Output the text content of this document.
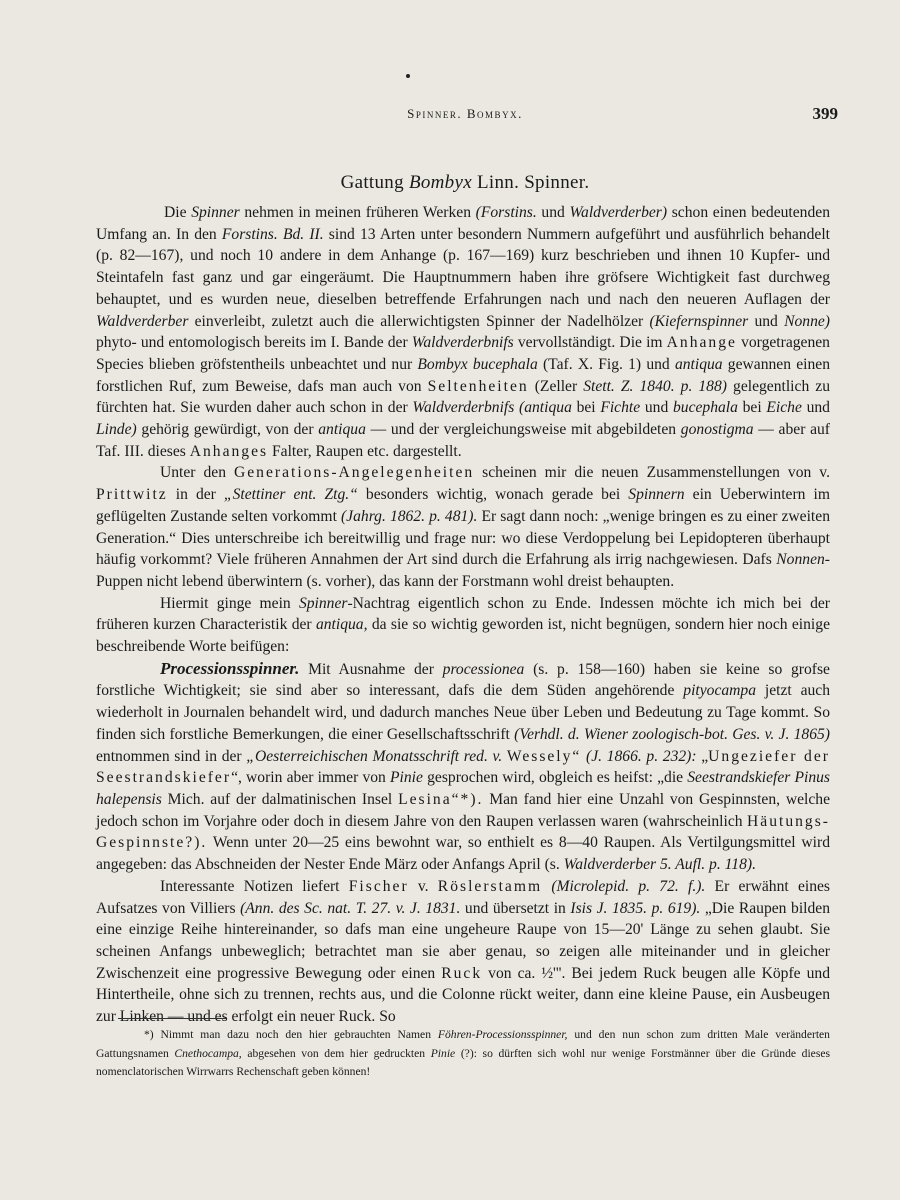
Spinner. Bombyx.	399
Gattung Bombyx Linn. Spinner.

Die Spinner nehmen in meinen früheren Werken (Forstins. und Waldverderber) schon einen bedeutenden Umfang an. In den Forstins. Bd. II. sind 13 Arten unter besondern Nummern aufgeführt und ausführlich behandelt (p. 82—167), und noch 10 andere in dem Anhange (p. 167—169) kurz beschrieben und ihnen 10 Kupfer- und Steintafeln fast ganz und gar eingeräumt. Die Hauptnummern haben ihre gröfsere Wichtigkeit fast durchweg behauptet, und es wurden neue, dieselben betreffende Erfahrungen nach und nach den neueren Auflagen der Waldverderber einverleibt, zuletzt auch die allerwichtigsten Spinner der Nadelhölzer (Kiefernspinner und Nonne) phyto- und entomologisch bereits im I. Bande der Waldverderbnifs vervollständigt. Die im Anhange vorgetragenen Species blieben gröfstentheils unbeachtet und nur Bombyx bucephala (Taf. X. Fig. 1) und antiqua gewannen einen forstlichen Ruf, zum Beweise, dafs man auch von Seltenheiten (Zeller Stett. Z. 1840. p. 188) gelegentlich zu fürchten hat. Sie wurden daher auch schon in der Waldverderbnifs (antiqua bei Fichte und bucephala bei Eiche und Linde) gehörig gewürdigt, von der antiqua — und der vergleichungsweise mit abgebildeten gonostigma — aber auf Taf. III. dieses Anhanges Falter, Raupen etc. dargestellt.

Unter den Generations-Angelegenheiten scheinen mir die neuen Zusammenstellungen von v. Prittwitz in der „Stettiner ent. Ztg.“ besonders wichtig, wonach gerade bei Spinnern ein Ueberwintern im geflügelten Zustande selten vorkommt (Jahrg. 1862. p. 481). Er sagt dann noch: „wenige bringen es zu einer zweiten Generation.“ Dies unterschreibe ich bereitwillig und frage nur: wo diese Verdoppelung bei Lepidopteren überhaupt häufig vorkommt? Viele früheren Annahmen der Art sind durch die Erfahrung als irrig nachgewiesen. Dafs Nonnen-Puppen nicht lebend überwintern (s. vorher), das kann der Forstmann wohl dreist behaupten.

Hiermit ginge mein Spinner-Nachtrag eigentlich schon zu Ende. Indessen möchte ich mich bei der früheren kurzen Characteristik der antiqua, da sie so wichtig geworden ist, nicht begnügen, sondern hier noch einige beschreibende Worte beifügen:

Processionsspinner. Mit Ausnahme der processionea (s. p. 158—160) haben sie keine so grofse forstliche Wichtigkeit; sie sind aber so interessant, dafs die dem Süden angehörende pityocampa jetzt auch wiederholt in Journalen behandelt wird, und dadurch manches Neue über Leben und Bedeutung zu Tage kommt. So finden sich forstliche Bemerkungen, die einer Gesellschaftsschrift (Verhdl. d. Wiener zoologisch-bot. Ges. v. J. 1865) entnommen sind in der „Oesterreichischen Monatsschrift red. v. Wessely“ (J. 1866. p. 232): „Ungeziefer der Seestrandskiefer“, worin aber immer von Pinie gesprochen wird, obgleich es heifst: „die Seestrandskiefer Pinus halepensis Mich. auf der dalmatinischen Insel Lesina“*). Man fand hier eine Unzahl von Gespinnsten, welche jedoch schon im Vorjahre oder doch in diesem Jahre von den Raupen verlassen waren (wahrscheinlich Häutungs-Gespinnste?). Wenn unter 20—25 eins bewohnt war, so enthielt es 8—40 Raupen. Als Vertilgungsmittel wird angegeben: das Abschneiden der Nester Ende März oder Anfangs April (s. Waldverderber 5. Aufl. p. 118).

Interessante Notizen liefert Fischer v. Röslerstamm (Microlepid. p. 72. f.). Er erwähnt eines Aufsatzes von Villiers (Ann. des Sc. nat. T. 27. v. J. 1831. und übersetzt in Isis J. 1835. p. 619). „Die Raupen bilden eine einzige Reihe hintereinander, so dafs man eine ungeheure Raupe von 15—20' Länge zu sehen glaubt. Sie scheinen Anfangs unbeweglich; betrachtet man sie aber genau, so zeigen alle miteinander und in gleicher Zwischenzeit eine progressive Bewegung oder einen Ruck von ca. ½'''. Bei jedem Ruck beugen alle Köpfe und Hintertheile, ohne sich zu trennen, rechts aus, und die Colonne rückt weiter, dann eine kleine Pause, ein Ausbeugen zur Linken — und es erfolgt ein neuer Ruck. So

*) Nimmt man dazu noch den hier gebrauchten Namen Föhren-Processionsspinner, und den nun schon zum dritten Male veränderten Gattungsnamen Cnethocampa, abgesehen von dem hier gedruckten Pinie (?): so dürften sich wohl nur wenige Forstmänner über die Gründe dieses nomenclatorischen Wirrwarrs Rechenschaft geben können!
